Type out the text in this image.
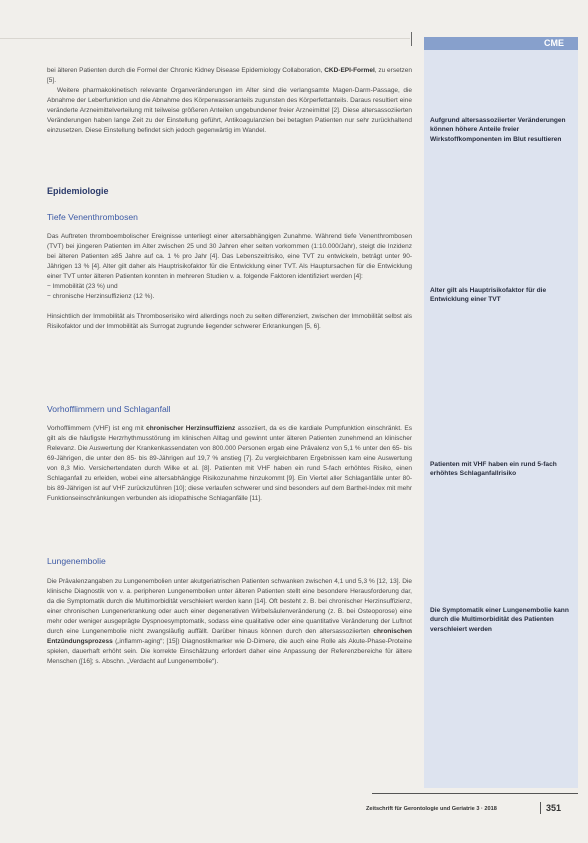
CME

bei älteren Patienten durch die Formel der Chronic Kidney Disease Epidemiology Collaboration, CKD-EPI-Formel, zu ersetzen [5].

Weitere pharmakokinetisch relevante Organveränderungen im Alter sind die verlangsamte Magen-Darm-Passage, die Abnahme der Leberfunktion und die Abnahme des Körperwasseranteils zugunsten des Körperfettanteils. Daraus resultiert eine veränderte Arzneimittelverteilung mit teilweise größeren Anteilen ungebundener freier Arzneimittel [2]. Diese altersassoziierten Veränderungen haben lange Zeit zu der Einstellung geführt, Antikoagulanzien bei betagten Patienten nur sehr zurückhaltend einzusetzen. Diese Einstellung befindet sich jedoch gegenwärtig im Wandel.

Epidemiologie
Tiefe Venenthrombosen

Das Auftreten thromboembolischer Ereignisse unterliegt einer altersabhängigen Zunahme. Während tiefe Venenthrombosen (TVT) bei jüngeren Patienten im Alter zwischen 25 und 30 Jahren eher selten vorkommen (1:10.000/Jahr), steigt die Inzidenz bei älteren Patienten ≥85 Jahre auf ca. 1 % pro Jahr [4]. Das Lebenszeitrisiko, eine TVT zu entwickeln, beträgt unter 90-Jährigen 13 % [4]. Alter gilt daher als Hauptrisikofaktor für die Entwicklung einer TVT. Als Hauptursachen für die Entwicklung einer TVT unter älteren Patienten konnten in mehreren Studien v. a. folgende Faktoren identifiziert werden [4]:

− Immobilität (23 %) und

− chronische Herzinsuffizienz (12 %).

Hinsichtlich der Immobilität als Thromboserisiko wird allerdings noch zu selten differenziert, zwischen der Immobilität selbst als Risikofaktor und der Immobilität als Surrogat zugrunde liegender schwerer Erkrankungen [5, 6].

Vorhofflimmern und Schlaganfall

Vorhofflimmern (VHF) ist eng mit chronischer Herzinsuffizienz assoziiert, da es die kardiale Pumpfunktion einschränkt. Es gilt als die häufigste Herzrhythmusstörung im klinischen Alltag und gewinnt unter älteren Patienten zunehmend an klinischer Relevanz. Die Auswertung der Krankenkassendaten von 800.000 Personen ergab eine Prävalenz von 5,1 % unter den 65- bis 69-Jährigen, die unter den 85- bis 89-Jährigen auf 19,7 % anstieg [7]. Zu vergleichbaren Ergebnissen kam eine Auswertung von 8,3 Mio. Versichertendaten durch Wilke et al. [8]. Patienten mit VHF haben ein rund 5-fach erhöhtes Risiko, einen Schlaganfall zu erleiden, wobei eine altersabhängige Risikozunahme hinzukommt [9]. Ein Viertel aller Schlaganfälle unter 80- bis 89-Jährigen ist auf VHF zurückzuführen [10]; diese verlaufen schwerer und sind besonders auf dem Barthel-Index mit mehr Funktionseinschränkungen verbunden als idiopathische Schlaganfälle [11].

Lungenembolie

Die Prävalenzangaben zu Lungenembolien unter akutgeriatrischen Patienten schwanken zwischen 4,1 und 5,3 % [12, 13]. Die klinische Diagnostik von v. a. peripheren Lungenembolien unter älteren Patienten stellt eine besondere Herausforderung dar, da die Symptomatik durch die Multimorbidität verschleiert werden kann [14]. Oft besteht z. B. bei chronischer Herzinsuffizienz, einer chronischen Lungenerkrankung oder auch einer degenerativen Wirbelsäulenveränderung (z. B. bei Osteoporose) eine mehr oder weniger ausgeprägte Dyspnoesymptomatik, sodass eine qualitative oder eine quantitative Veränderung der Luftnot durch eine Lungenembolie nicht zwangsläufig auffällt. Darüber hinaus können durch den altersassoziierten chronischen Entzündungsprozess („inflamm-aging“; [15]) Diagnostikmarker wie D-Dimere, die auch eine Rolle als Akute-Phase-Proteine spielen, dauerhaft erhöht sein. Die korrekte Einschätzung erfordert daher eine Anpassung der Referenzbereiche für ältere Menschen ([16]; s. Abschn. „Verdacht auf Lungenembolie“).

Aufgrund altersassoziierter Veränderungen können höhere Anteile freier Wirkstoffkomponenten im Blut resultieren
Alter gilt als Hauptrisikofaktor für die Entwicklung einer TVT
Patienten mit VHF haben ein rund 5-fach erhöhtes Schlaganfallrisiko
Die Symptomatik einer Lungenembolie kann durch die Multimorbidität des Patienten verschleiert werden
Zeitschrift für Gerontologie und Geriatrie 3 · 2018	351
